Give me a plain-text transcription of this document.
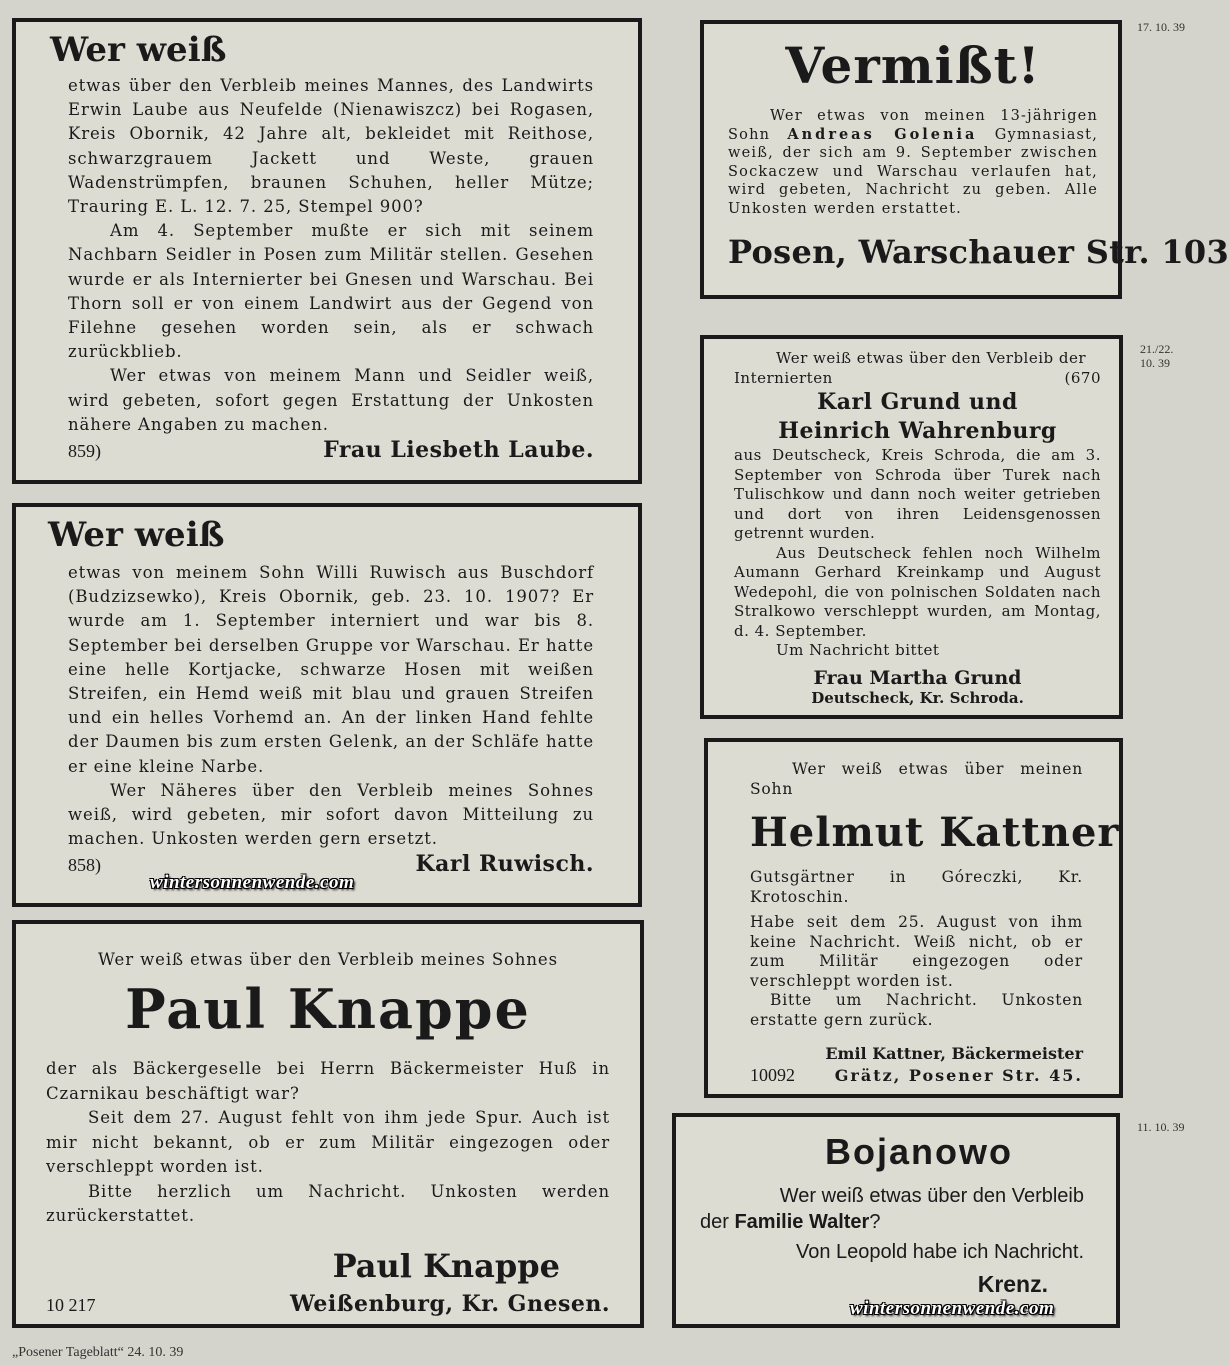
17. 10. 39
21./22.
10. 39
11. 10. 39
Wer weiß

etwas über den Verbleib meines Mannes, des Landwirts Erwin Laube aus Neufelde (Nienawiszcz) bei Rogasen, Kreis Obornik, 42 Jahre alt, bekleidet mit Reithose, schwarzgrauem Jackett und Weste, grauen Wadenstrümpfen, braunen Schuhen, heller Mütze; Trauring E. L. 12. 7. 25, Stempel 900?

Am 4. September mußte er sich mit seinem Nachbarn Seidler in Posen zum Militär stellen. Gesehen wurde er als Internierter bei Gnesen und Warschau. Bei Thorn soll er von einem Landwirt aus der Gegend von Filehne gesehen worden sein, als er schwach zurückblieb.

Wer etwas von meinem Mann und Seidler weiß, wird gebeten, sofort gegen Erstattung der Unkosten nähere Angaben zu machen.

859)	Frau Liesbeth Laube.
Wer weiß

etwas von meinem Sohn Willi Ruwisch aus Buschdorf (Budzizsewko), Kreis Obornik, geb. 23. 10. 1907? Er wurde am 1. September interniert und war bis 8. September bei derselben Gruppe vor Warschau. Er hatte eine helle Kortjacke, schwarze Hosen mit weißen Streifen, ein Hemd weiß mit blau und grauen Streifen und ein helles Vorhemd an. An der linken Hand fehlte der Daumen bis zum ersten Gelenk, an der Schläfe hatte er eine kleine Narbe.

Wer Näheres über den Verbleib meines Sohnes weiß, wird gebeten, mir sofort davon Mitteilung zu machen. Unkosten werden gern ersetzt.

858)	Karl Ruwisch.
Wer weiß etwas über den Verbleib meines Sohnes
Paul Knappe

der als Bäckergeselle bei Herrn Bäckermeister Huß in Czarnikau beschäftigt war?

Seit dem 27. August fehlt von ihm jede Spur. Auch ist mir nicht bekannt, ob er zum Militär eingezogen oder verschleppt worden ist.

Bitte herzlich um Nachricht. Unkosten werden zurückerstattet.

Paul Knappe
10 217	Weißenburg, Kr. Gnesen.
Vermißt!

Wer etwas von meinen 13-jährigen Sohn Andreas Golenia Gymnasiast, weiß, der sich am 9. September zwischen Sockaczew und Warschau verlaufen hat, wird gebeten, Nachricht zu geben. Alle Unkosten werden erstattet.

Posen, Warschauer Str. 103

Wer weiß etwas über den Verbleib der Internierten	(670

Karl Grund und
Heinrich Wahrenburg

aus Deutscheck, Kreis Schroda, die am 3. September von Schroda über Turek nach Tulischkow und dann noch weiter getrieben und dort von ihren Leidensgenossen getrennt wurden.

Aus Deutscheck fehlen noch Wilhelm Aumann Gerhard Kreinkamp und August Wedepohl, die von polnischen Soldaten nach Stralkowo verschleppt wurden, am Montag, d. 4. September.

Um Nachricht bittet

Frau Martha Grund
Deutscheck, Kr. Schroda.

Wer weiß etwas über meinen Sohn

Helmut Kattner

Gutsgärtner in Góreczki, Kr. Krotoschin.

Habe seit dem 25. August von ihm keine Nachricht. Weiß nicht, ob er zum Militär eingezogen oder verschleppt worden ist.

Bitte um Nachricht. Unkosten erstatte gern zurück.

Emil Kattner, Bäckermeister
10092 Grätz, Posener Str. 45.
Bojanowo

Wer weiß etwas über den Verbleib

der Familie Walter?

Von Leopold habe ich Nachricht.

Krenz.
wintersonnenwende.com
wintersonnenwende.com
„Posener Tageblatt“ 24. 10. 39
